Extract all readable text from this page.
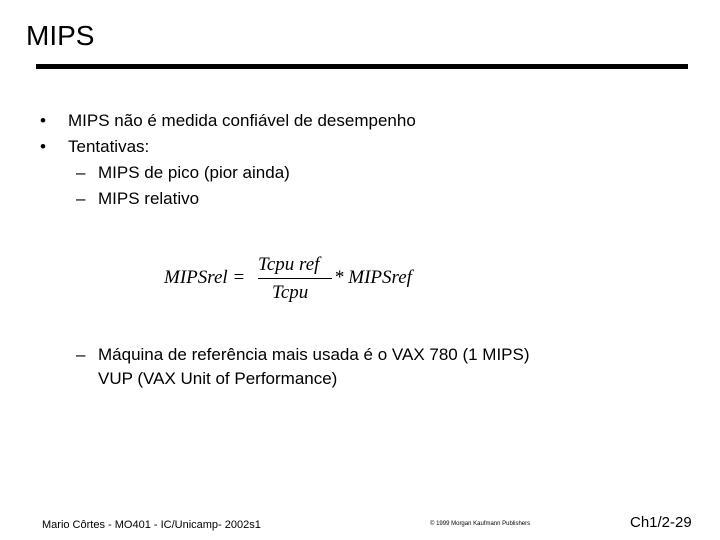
MIPS
• MIPS não é medida confiável de desempenho
• Tentativas:
– MIPS de pico (pior ainda)
– MIPS relativo
MIPSrel =
Tcpu ref
Tcpu
* MIPSref
– Máquina de referência mais usada é o VAX 780 (1 MIPS)
VUP (VAX Unit of Performance)
Mario Côrtes - MO401 - IC/Unicamp- 2002s1	© 1999 Morgan Kaufmann Publishers	Ch1/2-29
